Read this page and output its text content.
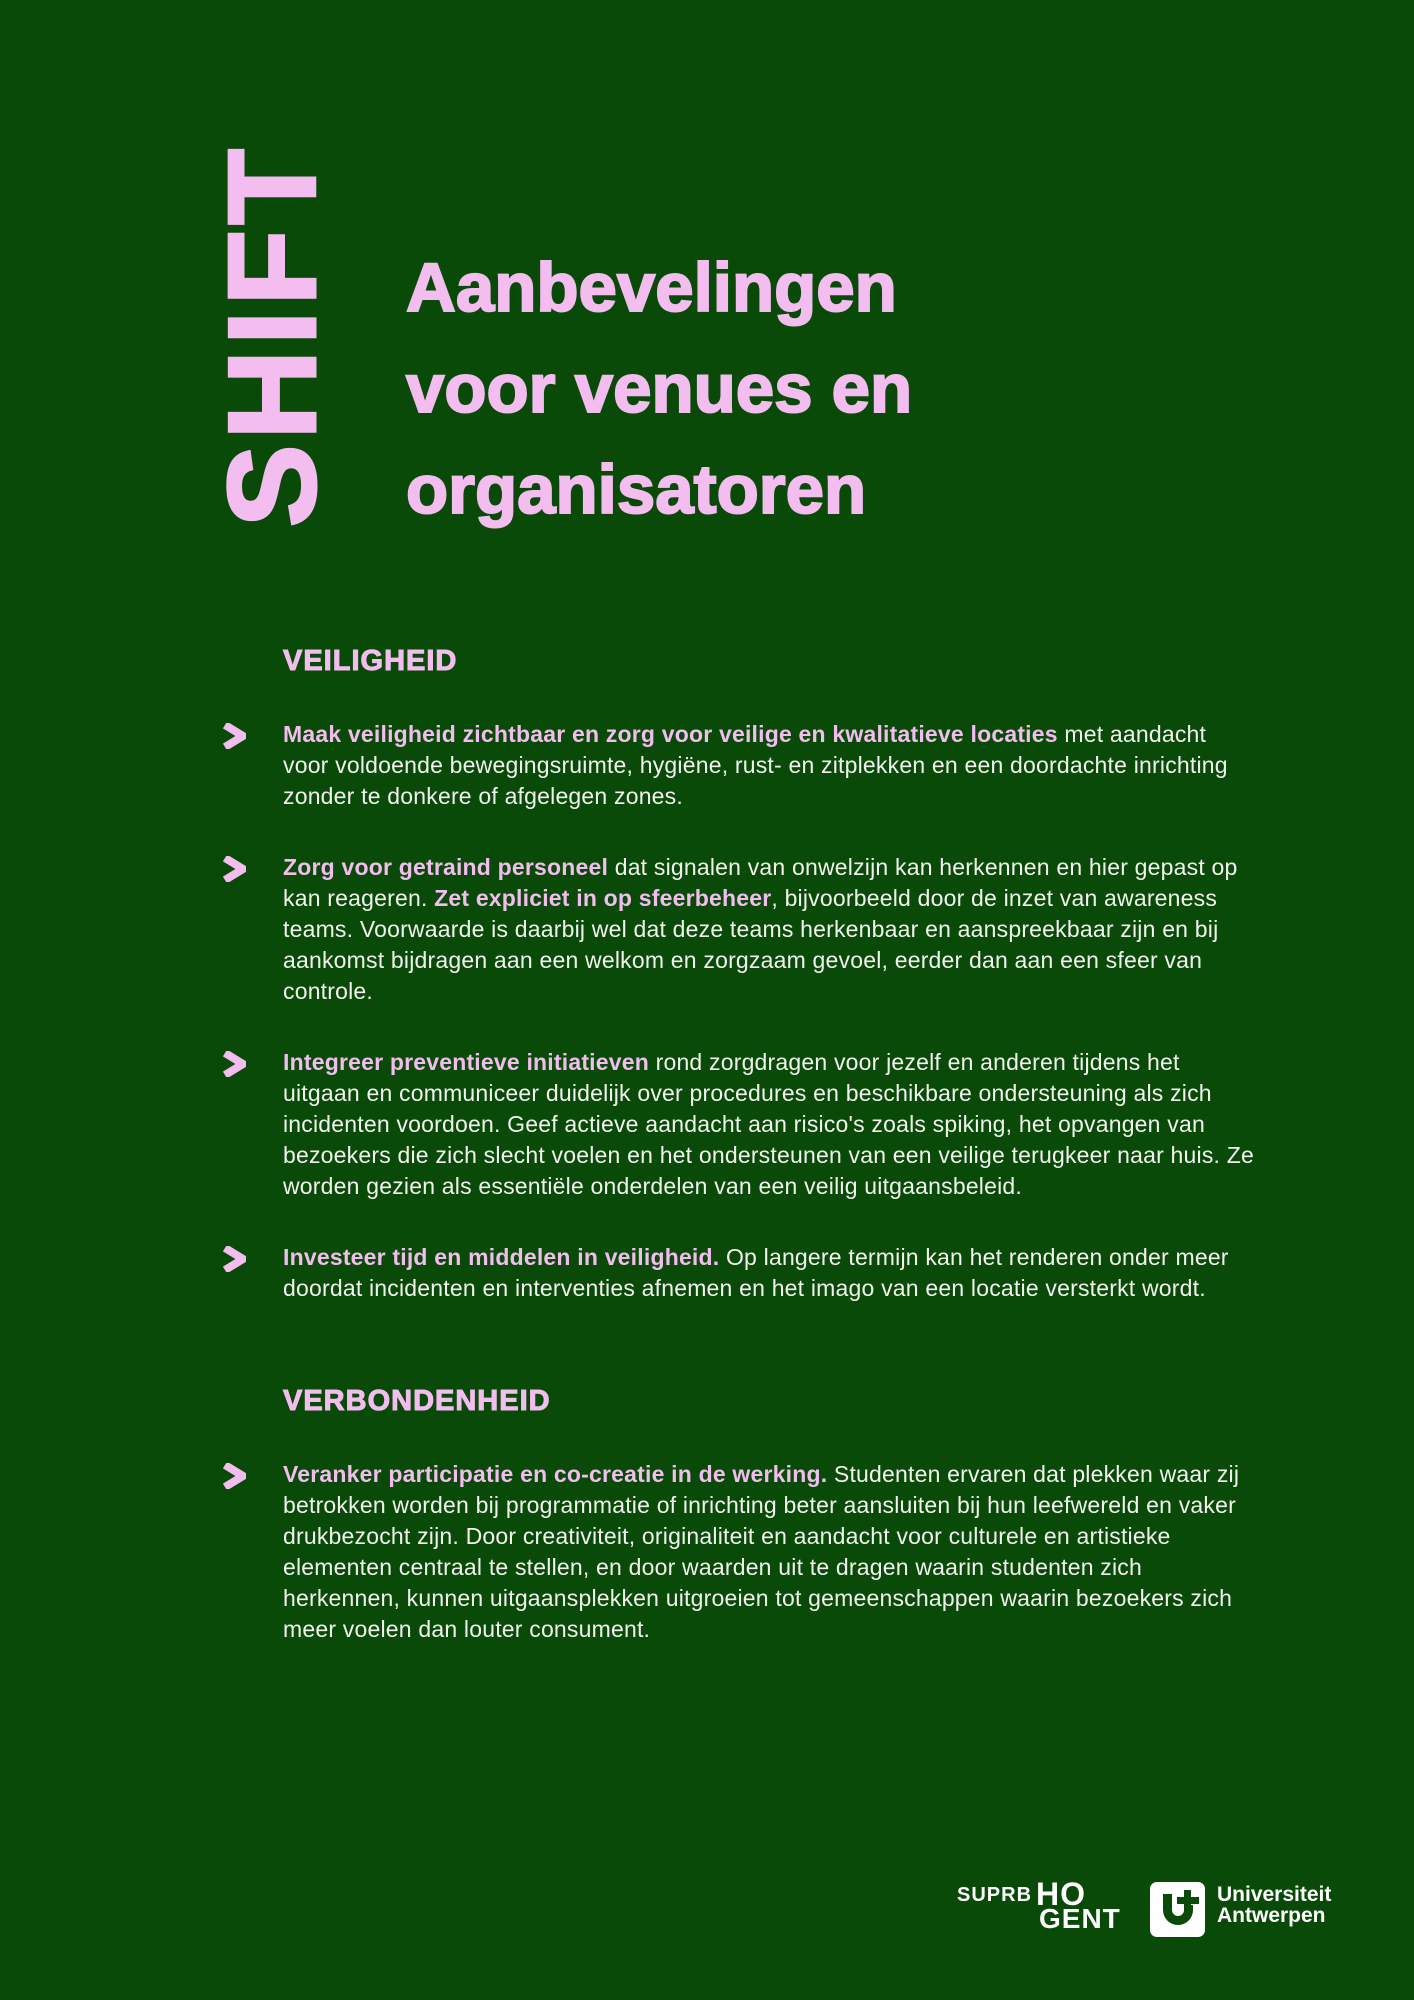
SHIFT Aanbevelingen
voor venues en
organisatoren
VEILIGHEID

Maak veiligheid zichtbaar en zorg voor veilige en kwalitatieve locaties met aandacht voor voldoende bewegingsruimte, hygiëne, rust- en zitplekken en een doordachte inrichting zonder te donkere of afgelegen zones.

Zorg voor getraind personeel dat signalen van onwelzijn kan herkennen en hier gepast op kan reageren. Zet expliciet in op sfeerbeheer, bijvoorbeeld door de inzet van awareness teams. Voorwaarde is daarbij wel dat deze teams herkenbaar en aanspreekbaar zijn en bij aankomst bijdragen aan een welkom en zorgzaam gevoel, eerder dan aan een sfeer van controle.

Integreer preventieve initiatieven rond zorgdragen voor jezelf en anderen tijdens het uitgaan en communiceer duidelijk over procedures en beschikbare ondersteuning als zich incidenten voordoen. Geef actieve aandacht aan risico's zoals spiking, het opvangen van bezoekers die zich slecht voelen en het ondersteunen van een veilige terugkeer naar huis. Ze worden gezien als essentiële onderdelen van een veilig uitgaansbeleid.

Investeer tijd en middelen in veiligheid. Op langere termijn kan het renderen onder meer doordat incidenten en interventies afnemen en het imago van een locatie versterkt wordt.

VERBONDENHEID

Veranker participatie en co-creatie in de werking. Studenten ervaren dat plekken waar zij betrokken worden bij programmatie of inrichting beter aansluiten bij hun leefwereld en vaker drukbezocht zijn. Door creativiteit, originaliteit en aandacht voor culturele en artistieke elementen centraal te stellen, en door waarden uit te dragen waarin studenten zich herkennen, kunnen uitgaansplekken uitgroeien tot gemeenschappen waarin bezoekers zich meer voelen dan louter consument.

SUPRB HO
GENT
Universiteit
Antwerpen
